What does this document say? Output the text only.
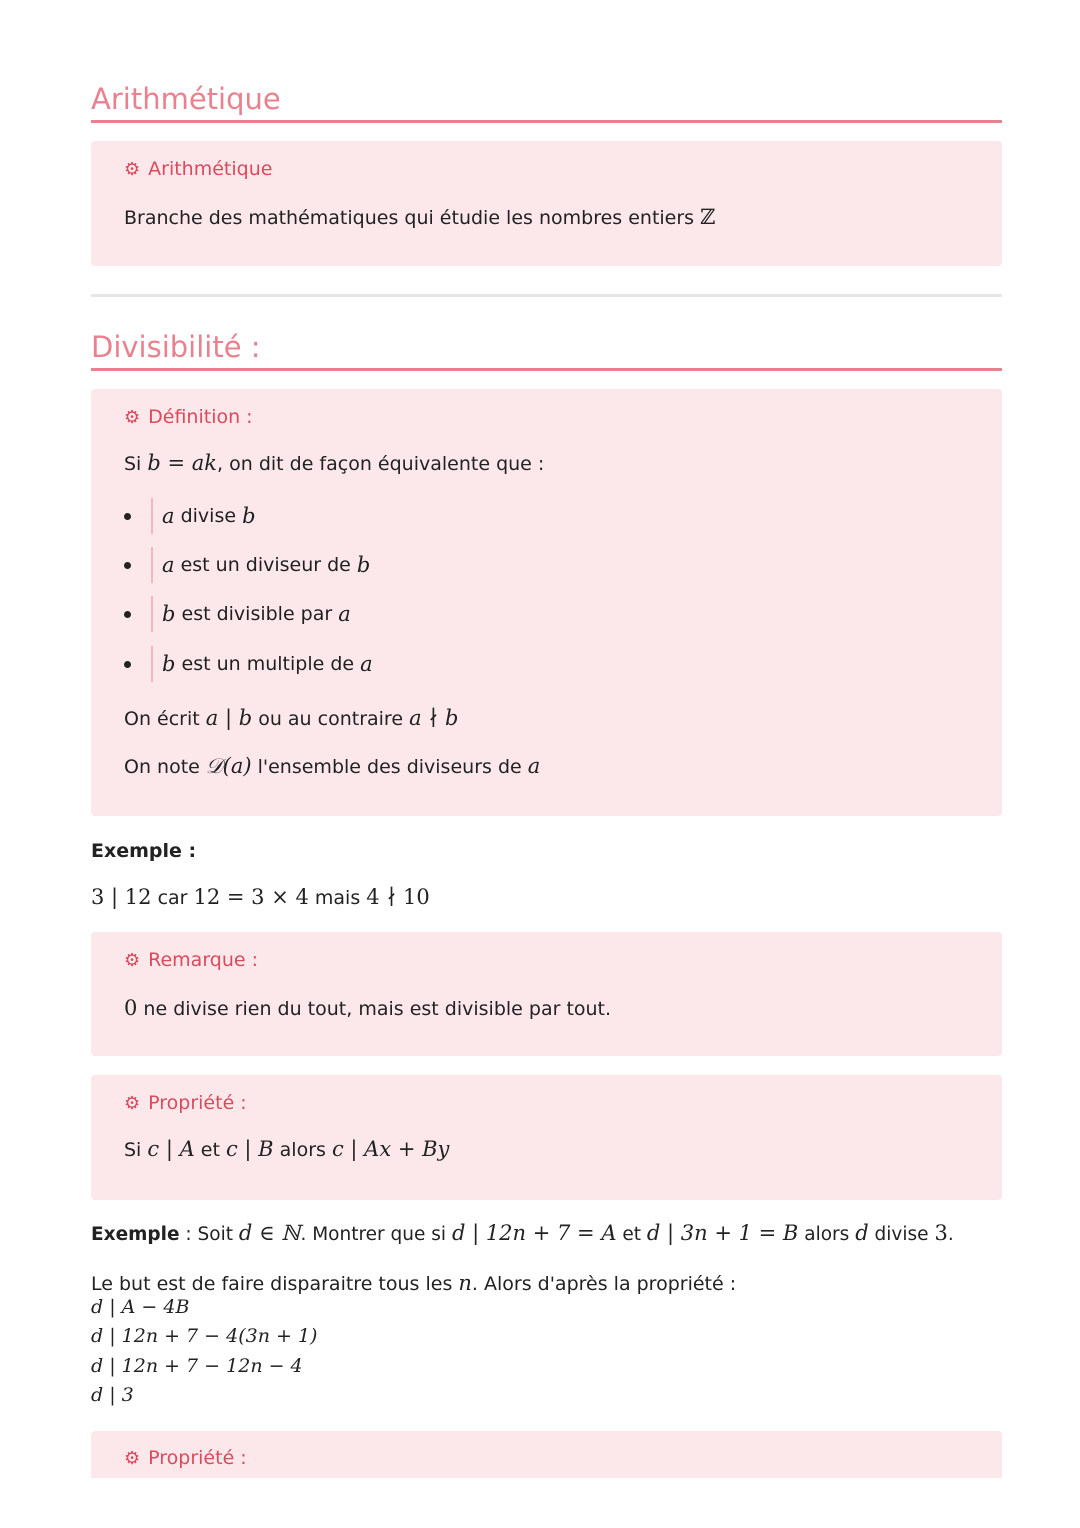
Arithmétique
⚙ Arithmétique
Branche des mathématiques qui étudie les nombres entiers ℤ
Divisibilité :
⚙ Définition :
Si b = ak, on dit de façon équivalente que :
a
divise
b
a
est un diviseur de
b
b
est divisible par
a
b
est un multiple de
a
On écrit a | b ou au contraire a ∤ b
On note 𝒟(a) l'ensemble des diviseurs de a
Exemple :
3 | 12 car 12 = 3 × 4 mais 4 ∤ 10
⚙ Remarque :
0 ne divise rien du tout, mais est divisible par tout.
⚙ Propriété :
Si c | A et c | B alors c | Ax + By
Exemple : Soit d ∈ ℕ. Montrer que si d | 12n + 7 = A et d | 3n + 1 = B alors d divise 3.
Le but est de faire disparaitre tous les n. Alors d'après la propriété :
d | A − 4B
d | 12n + 7 − 4(3n + 1)
d | 12n + 7 − 12n − 4
d | 3
⚙ Propriété :
